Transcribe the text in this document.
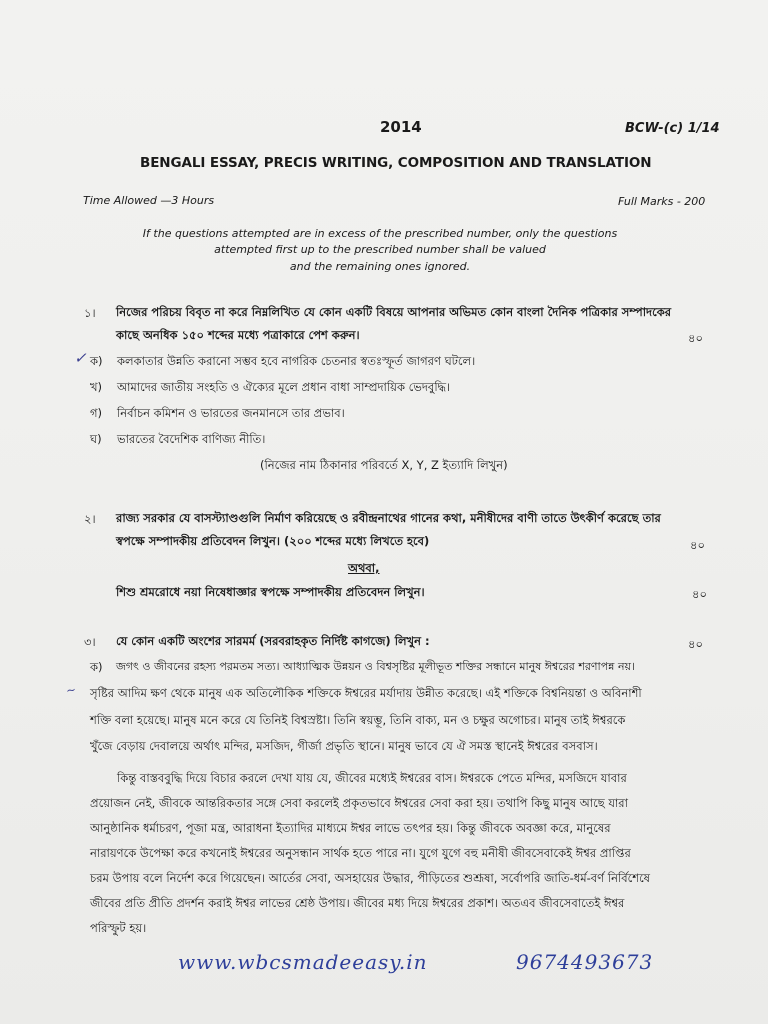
2014	BCW-(c) 1/14
BENGALI ESSAY, PRECIS WRITING, COMPOSITION AND TRANSLATION
Time Allowed —3 Hours	Full Marks - 200
If the questions attempted are in excess of the prescribed number, only the questions
attempted first up to the prescribed number shall be valued
and the remaining ones ignored.
১। নিজের পরিচয় বিবৃত না করে নিম্নলিখিত যে কোন একটি বিষয়ে আপনার অভিমত কোন বাংলা দৈনিক পত্রিকার সম্পাদকের
কাছে অনধিক ১৫০ শব্দের মধ্যে পত্রাকারে পেশ করুন।	৪০
✓ ক) কলকাতার উন্নতি করানো সম্ভব হবে নাগরিক চেতনার স্বতঃস্ফূর্ত জাগরণ ঘটলে।
খ) আমাদের জাতীয় সংহতি ও ঐক্যের মূলে প্রধান বাধা সাম্প্রদায়িক ভেদবুদ্ধি।
গ) নির্বাচন কমিশন ও ভারতের জনমানসে তার প্রভাব।
ঘ) ভারতের বৈদেশিক বাণিজ্য নীতি।
(নিজের নাম ঠিকানার পরিবর্তে X, Y, Z ইত্যাদি লিখুন)
২। রাজ্য সরকার যে বাসস্ট্যাণ্ডগুলি নির্মাণ করিয়েছে ও রবীন্দ্রনাথের গানের কথা, মনীষীদের বাণী তাতে উৎকীর্ণ করেছে তার
স্বপক্ষে সম্পাদকীয় প্রতিবেদন লিখুন। (২০০ শব্দের মধ্যে লিখতে হবে)	৪০
অথবা,
শিশু শ্রমরোধে নয়া নিষেধাজ্ঞার স্বপক্ষে সম্পাদকীয় প্রতিবেদন লিখুন।	৪০
৩। যে কোন একটি অংশের সারমর্ম (সরবরাহকৃত নির্দিষ্ট কাগজে) লিখুন :	৪০
ক)
~
জগৎ ও জীবনের রহস্য পরমতম সত্য। আধ্যাত্মিক উন্নয়ন ও বিশ্বসৃষ্টির মূলীভূত শক্তির সন্ধানে মানুষ ঈশ্বরের শরণাপন্ন নয়।
সৃষ্টির আদিম ক্ষণ থেকে মানুষ এক অতিলৌকিক শক্তিকে ঈশ্বরের মর্যাদায় উন্নীত করেছে। এই শক্তিকে বিশ্বনিয়ন্তা ও অবিনাশী
শক্তি বলা হয়েছে। মানুষ মনে করে যে তিনিই বিশ্বস্রষ্টা। তিনি স্বয়ম্ভূ, তিনি বাক্য, মন ও চক্ষুর অগোচর। মানুষ তাই ঈশ্বরকে
খুঁজে বেড়ায় দেবালয়ে অর্থাৎ মন্দির, মসজিদ, গীর্জা প্রভৃতি স্থানে। মানুষ ভাবে যে ঐ সমস্ত স্থানেই ঈশ্বরের বসবাস।
কিন্তু বাস্তববুদ্ধি দিয়ে বিচার করলে দেখা যায় যে, জীবের মধ্যেই ঈশ্বরের বাস। ঈশ্বরকে পেতে মন্দির, মসজিদে যাবার
প্রয়োজন নেই, জীবকে আন্তরিকতার সঙ্গে সেবা করলেই প্রকৃতভাবে ঈশ্বরের সেবা করা হয়। তথাপি কিছু মানুষ আছে যারা
আনুষ্ঠানিক ধর্মাচরণ, পূজা মন্ত্র, আরাধনা ইত্যাদির মাধ্যমে ঈশ্বর লাভে তৎপর হয়। কিন্তু জীবকে অবজ্ঞা করে, মানুষের
নারায়ণকে উপেক্ষা করে কখনোই ঈশ্বরের অনুসন্ধান সার্থক হতে পারে না। যুগে যুগে বহু মনীষী জীবসেবাকেই ঈশ্বর প্রাপ্তির
চরম উপায় বলে নির্দেশ করে গিয়েছেন। আর্তের সেবা, অসহায়ের উদ্ধার, পীড়িতের শুশ্রূষা, সর্বোপরি জাতি-ধর্ম-বর্ণ নির্বিশেষে
জীবের প্রতি প্রীতি প্রদর্শন করাই ঈশ্বর লাভের শ্রেষ্ঠ উপায়। জীবের মধ্য দিয়ে ঈশ্বরের প্রকাশ। অতএব জীবসেবাতেই ঈশ্বর
পরিস্ফুট হয়।
www.wbcsmadeeasy.in	9674493673
